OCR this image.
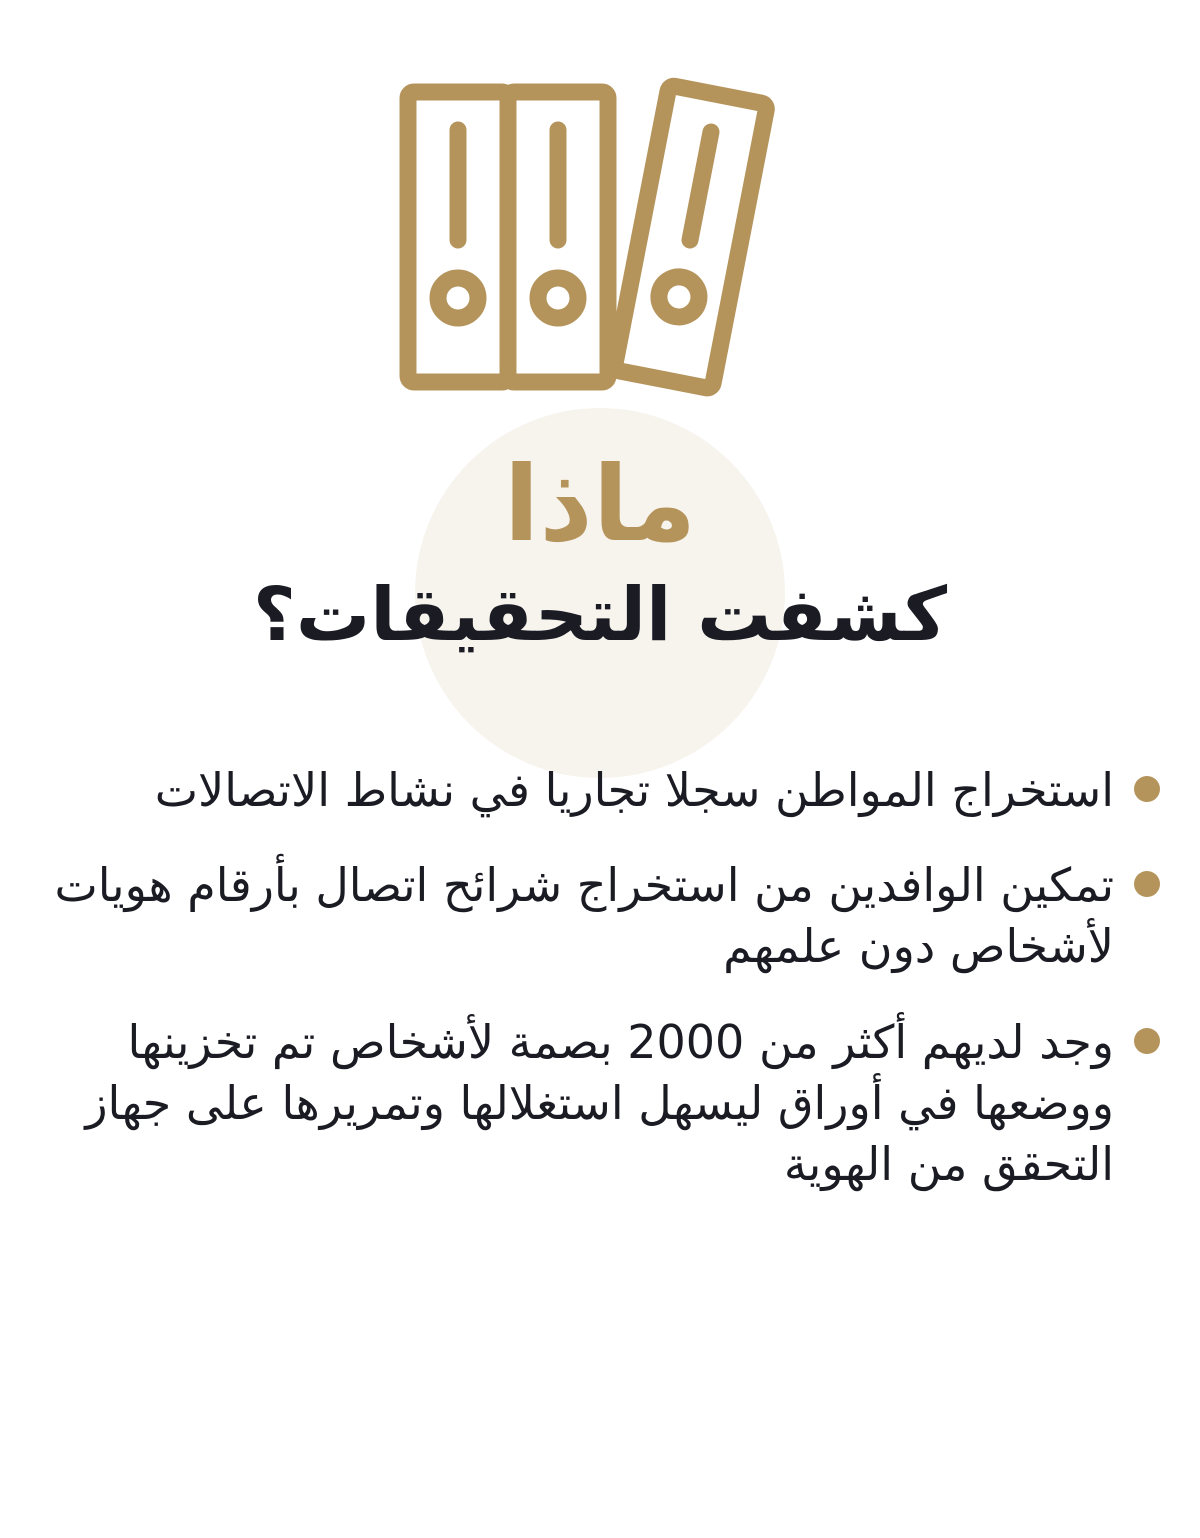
ماذا
كشفت التحقيقات؟
استخراج المواطن سجلا تجاريا في نشاط الاتصالات
تمكين الوافدين من استخراج شرائح اتصال بأرقام هويات لأشخاص دون علمهم
وجد لديهم أكثر من 2000 بصمة لأشخاص تم تخزينها ووضعها في أوراق ليسهل استغلالها وتمريرها على جهاز التحقق من الهوية
